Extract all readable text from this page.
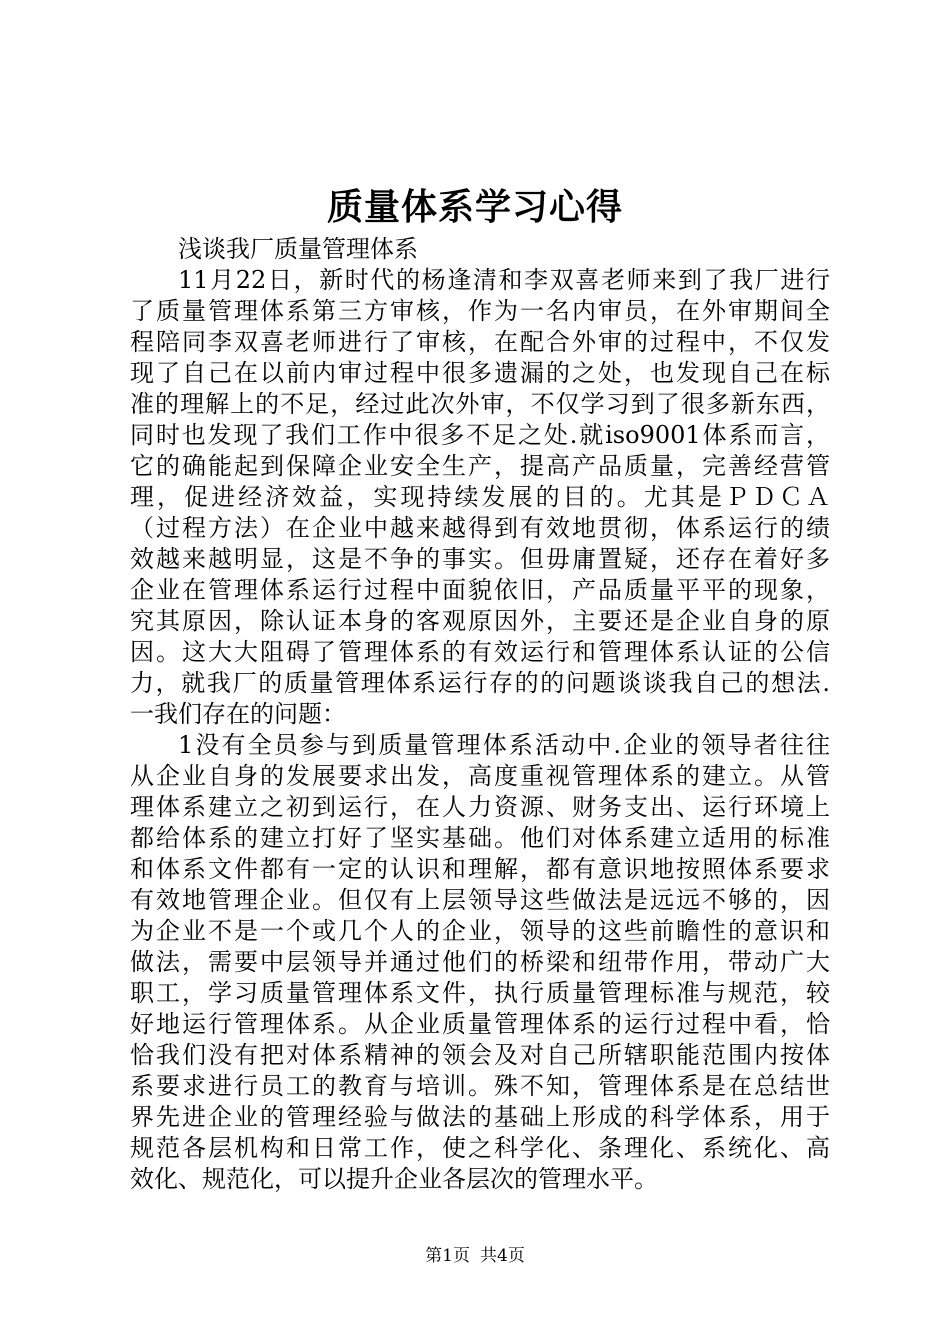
质量体系学习心得
浅谈我厂质量管理体系
11月22日，新时代的杨逢清和李双喜老师来到了我厂进行
了质量管理体系第三方审核，作为一名内审员，在外审期间全
程陪同李双喜老师进行了审核，在配合外审的过程中，不仅发
现了自己在以前内审过程中很多遗漏的之处，也发现自己在标
准的理解上的不足，经过此次外审，不仅学习到了很多新东西，
同时也发现了我们工作中很多不足之处.就iso9001体系而言，
它的确能起到保障企业安全生产，提高产品质量，完善经营管
理，促进经济效益，实现持续发展的目的。尤其是ＰＤＣＡ
（过程方法）在企业中越来越得到有效地贯彻，体系运行的绩
效越来越明显，这是不争的事实。但毋庸置疑，还存在着好多
企业在管理体系运行过程中面貌依旧，产品质量平平的现象，
究其原因，除认证本身的客观原因外，主要还是企业自身的原
因。这大大阻碍了管理体系的有效运行和管理体系认证的公信
力，就我厂的质量管理体系运行存的的问题谈谈我自己的想法.
一我们存在的问题：
1没有全员参与到质量管理体系活动中.企业的领导者往往
从企业自身的发展要求出发，高度重视管理体系的建立。从管
理体系建立之初到运行，在人力资源、财务支出、运行环境上
都给体系的建立打好了坚实基础。他们对体系建立适用的标准
和体系文件都有一定的认识和理解，都有意识地按照体系要求
有效地管理企业。但仅有上层领导这些做法是远远不够的，因
为企业不是一个或几个人的企业，领导的这些前瞻性的意识和
做法，需要中层领导并通过他们的桥梁和纽带作用，带动广大
职工，学习质量管理体系文件，执行质量管理标准与规范，较
好地运行管理体系。从企业质量管理体系的运行过程中看，恰
恰我们没有把对体系精神的领会及对自己所辖职能范围内按体
系要求进行员工的教育与培训。殊不知，管理体系是在总结世
界先进企业的管理经验与做法的基础上形成的科学体系，用于
规范各层机构和日常工作，使之科学化、条理化、系统化、高
效化、规范化，可以提升企业各层次的管理水平。
第1页 共4页
